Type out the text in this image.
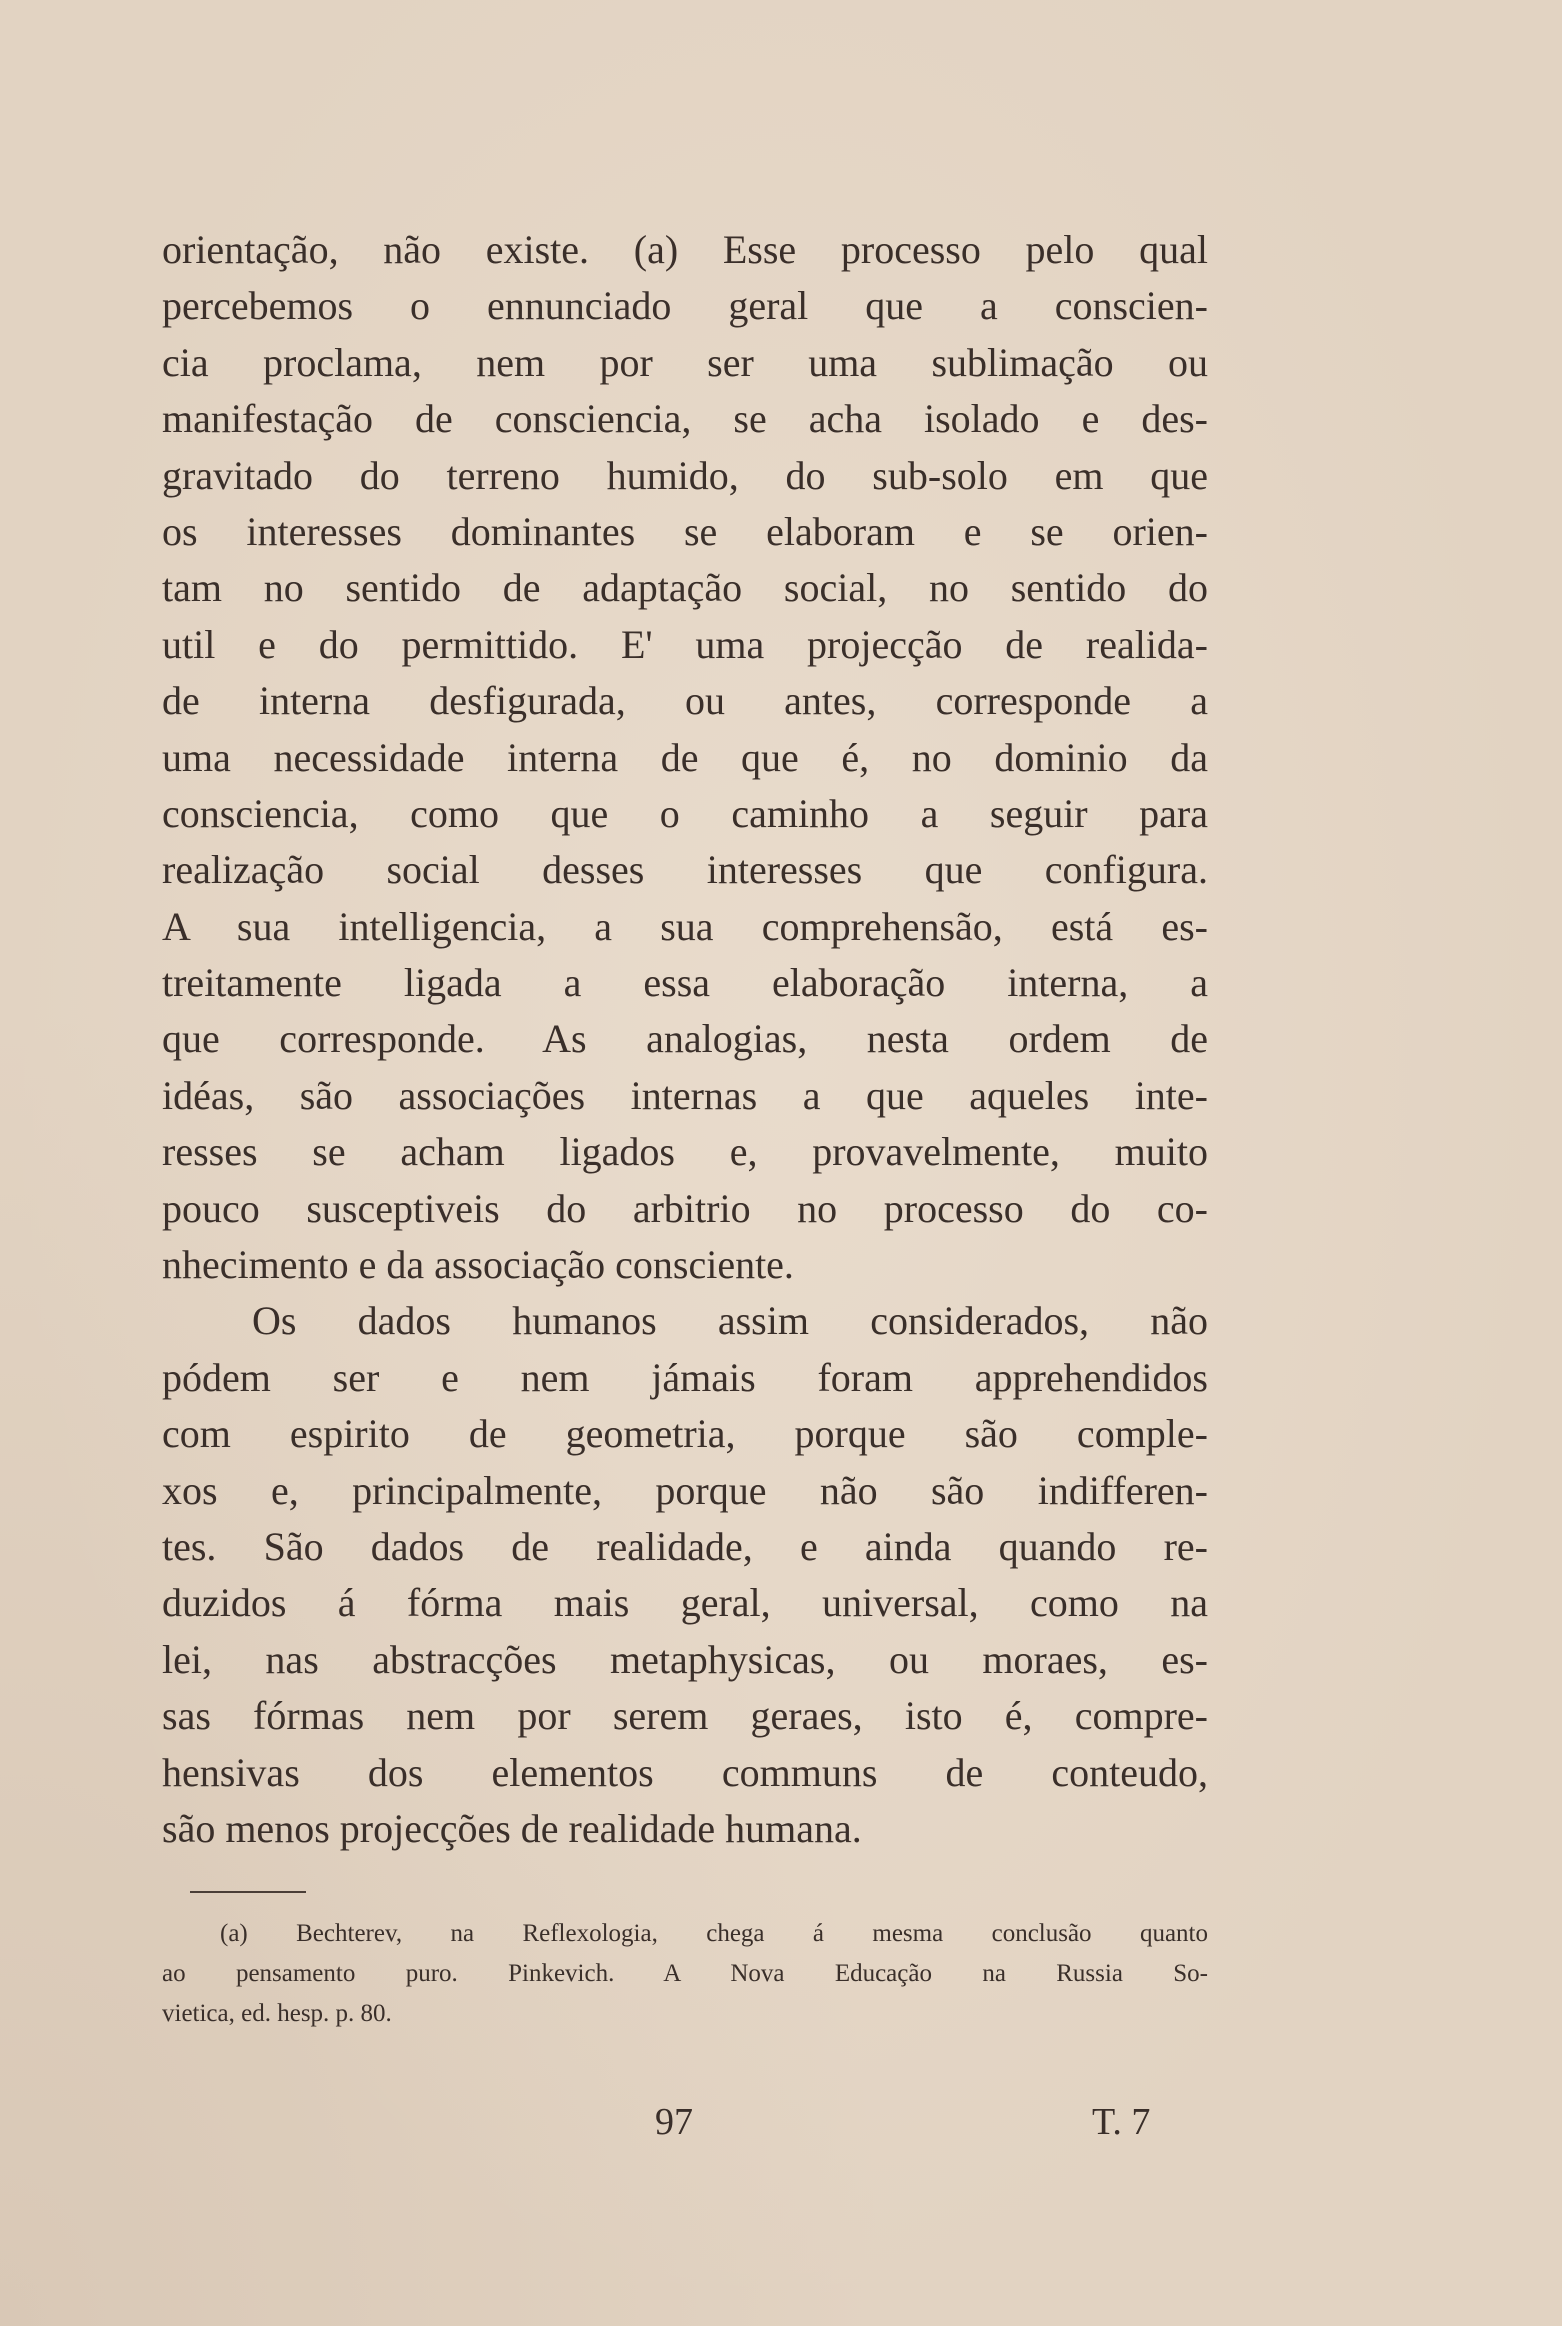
orientação, não existe. (a) Esse processo pelo qual
percebemos o ennunciado geral que a conscien-
cia proclama, nem por ser uma sublimação ou
manifestação de consciencia, se acha isolado e des-
gravitado do terreno humido, do sub-solo em que
os interesses dominantes se elaboram e se orien-
tam no sentido de adaptação social, no sentido do
util e do permittido. E' uma projecção de realida-
de interna desfigurada, ou antes, corresponde a
uma necessidade interna de que é, no dominio da
consciencia, como que o caminho a seguir para
realização social desses interesses que configura.
A sua intelligencia, a sua comprehensão, está es-
treitamente ligada a essa elaboração interna, a
que corresponde. As analogias, nesta ordem de
idéas, são associações internas a que aqueles inte-
resses se acham ligados e, provavelmente, muito
pouco susceptiveis do arbitrio no processo do co-
nhecimento e da associação consciente.

Os dados humanos assim considerados, não
pódem ser e nem jámais foram apprehendidos
com espirito de geometria, porque são comple-
xos e, principalmente, porque não são indifferen-
tes. São dados de realidade, e ainda quando re-
duzidos á fórma mais geral, universal, como na
lei, nas abstracções metaphysicas, ou moraes, es-
sas fórmas nem por serem geraes, isto é, compre-
hensivas dos elementos communs de conteudo,
são menos projecções de realidade humana.

(a) Bechterev, na Reflexologia, chega á mesma conclusão quanto
ao pensamento puro. Pinkevich. A Nova Educação na Russia So-
vietica, ed. hesp. p. 80.
97	T. 7
